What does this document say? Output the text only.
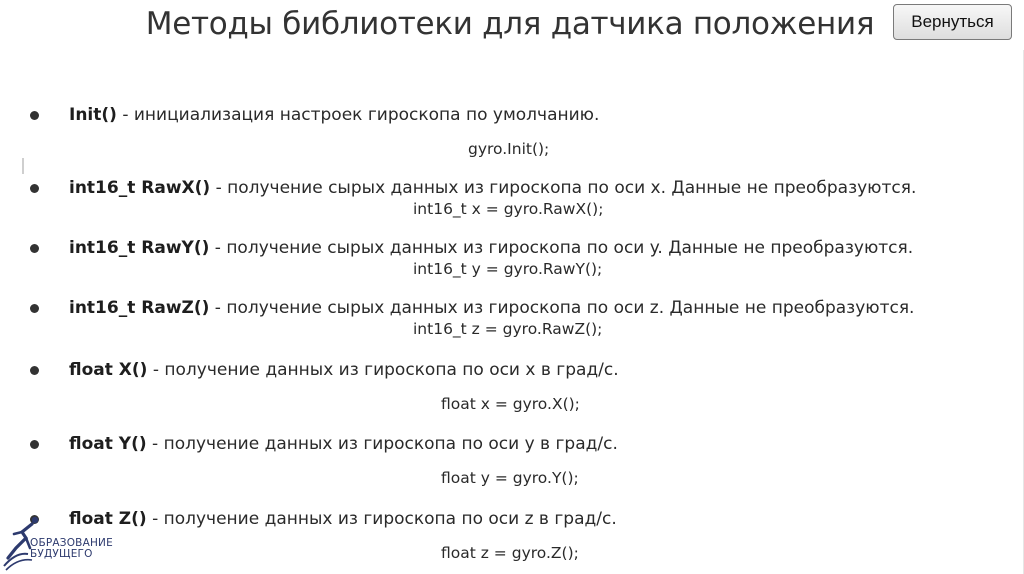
Методы библиотеки для датчика положения	Вернуться
Init() - инициализация настроек гироскопа по умолчанию.
gyro.Init();
int16_t RawX() - получение сырых данных из гироскопа по оси x. Данные не преобразуются.
int16_t x = gyro.RawX();
int16_t RawY() - получение сырых данных из гироскопа по оси y. Данные не преобразуются.
int16_t y = gyro.RawY();
int16_t RawZ() - получение сырых данных из гироскопа по оси z. Данные не преобразуются.
int16_t z = gyro.RawZ();
float X() - получение данных из гироскопа по оси x в град/с.
float x = gyro.X();
float Y() - получение данных из гироскопа по оси y в град/с.
float y = gyro.Y();
float Z() - получение данных из гироскопа по оси z в град/с.
float z = gyro.Z();
ОБРАЗОВАНИЕ
БУДУЩЕГО
